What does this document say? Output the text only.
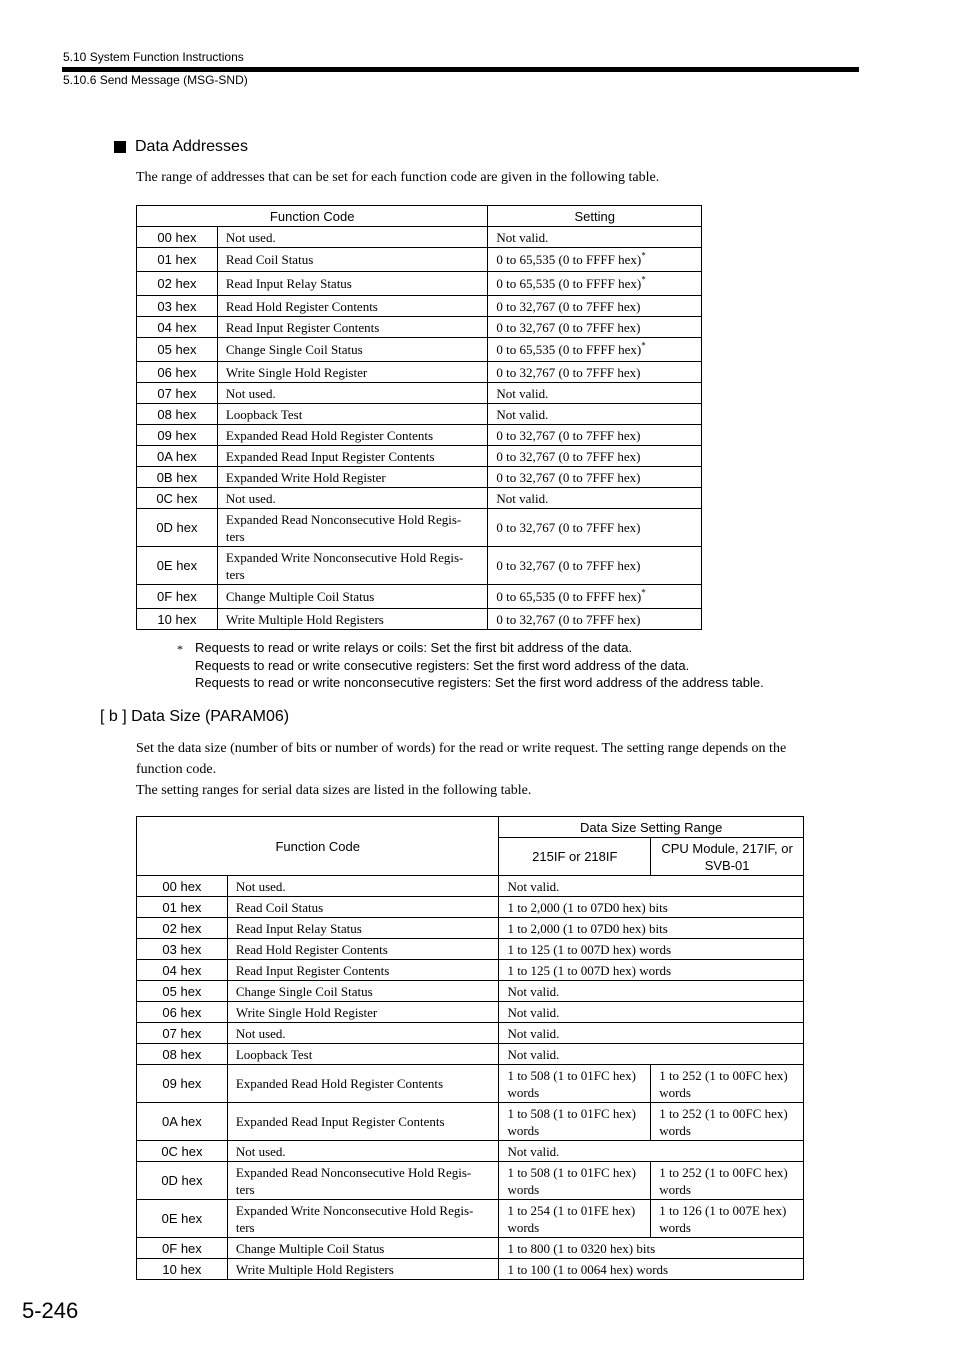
5.10 System Function Instructions
5.10.6 Send Message (MSG-SND)
Data Addresses
The range of addresses that can be set for each function code are given in the following table.
Function Code		Setting
00 hex	Not used.	Not valid.
01 hex	Read Coil Status	0 to 65,535 (0 to FFFF hex)*
02 hex	Read Input Relay Status	0 to 65,535 (0 to FFFF hex)*
03 hex	Read Hold Register Contents	0 to 32,767 (0 to 7FFF hex)
04 hex	Read Input Register Contents	0 to 32,767 (0 to 7FFF hex)
05 hex	Change Single Coil Status	0 to 65,535 (0 to FFFF hex)*
06 hex	Write Single Hold Register	0 to 32,767 (0 to 7FFF hex)
07 hex	Not used.	Not valid.
08 hex	Loopback Test	Not valid.
09 hex	Expanded Read Hold Register Contents	0 to 32,767 (0 to 7FFF hex)
0A hex	Expanded Read Input Register Contents	0 to 32,767 (0 to 7FFF hex)
0B hex	Expanded Write Hold Register	0 to 32,767 (0 to 7FFF hex)
0C hex	Not used.	Not valid.
0D hex	Expanded Read Nonconsecutive Hold Regis- ters	0 to 32,767 (0 to 7FFF hex)
0E hex	Expanded Write Nonconsecutive Hold Regis- ters	0 to 32,767 (0 to 7FFF hex)
0F hex	Change Multiple Coil Status	0 to 65,535 (0 to FFFF hex)*
10 hex	Write Multiple Hold Registers	0 to 32,767 (0 to 7FFF hex)
* Requests to read or write relays or coils: Set the first bit address of the data.
Requests to read or write consecutive registers: Set the first word address of the data.
Requests to read or write nonconsecutive registers: Set the first word address of the address table.
[ b ] Data Size (PARAM06)
Set the data size (number of bits or number of words) for the read or write request. The setting range depends on the
function code.
The setting ranges for serial data sizes are listed in the following table.
Function Code		Data Size Setting Range	
		215IF or 218IF	CPU Module, 217IF, or SVB-01
00 hex	Not used.	Not valid.	
01 hex	Read Coil Status	1 to 2,000 (1 to 07D0 hex) bits	
02 hex	Read Input Relay Status	1 to 2,000 (1 to 07D0 hex) bits	
03 hex	Read Hold Register Contents	1 to 125 (1 to 007D hex) words	
04 hex	Read Input Register Contents	1 to 125 (1 to 007D hex) words	
05 hex	Change Single Coil Status	Not valid.	
06 hex	Write Single Hold Register	Not valid.	
07 hex	Not used.	Not valid.	
08 hex	Loopback Test	Not valid.	
09 hex	Expanded Read Hold Register Contents	1 to 508 (1 to 01FC hex) words	1 to 252 (1 to 00FC hex) words
0A hex	Expanded Read Input Register Contents	1 to 508 (1 to 01FC hex) words	1 to 252 (1 to 00FC hex) words
0C hex	Not used.	Not valid.	
0D hex	Expanded Read Nonconsecutive Hold Regis- ters	1 to 508 (1 to 01FC hex) words	1 to 252 (1 to 00FC hex) words
0E hex	Expanded Write Nonconsecutive Hold Regis- ters	1 to 254 (1 to 01FE hex) words	1 to 126 (1 to 007E hex) words
0F hex	Change Multiple Coil Status	1 to 800 (1 to 0320 hex) bits	
10 hex	Write Multiple Hold Registers	1 to 100 (1 to 0064 hex) words	
5-246
